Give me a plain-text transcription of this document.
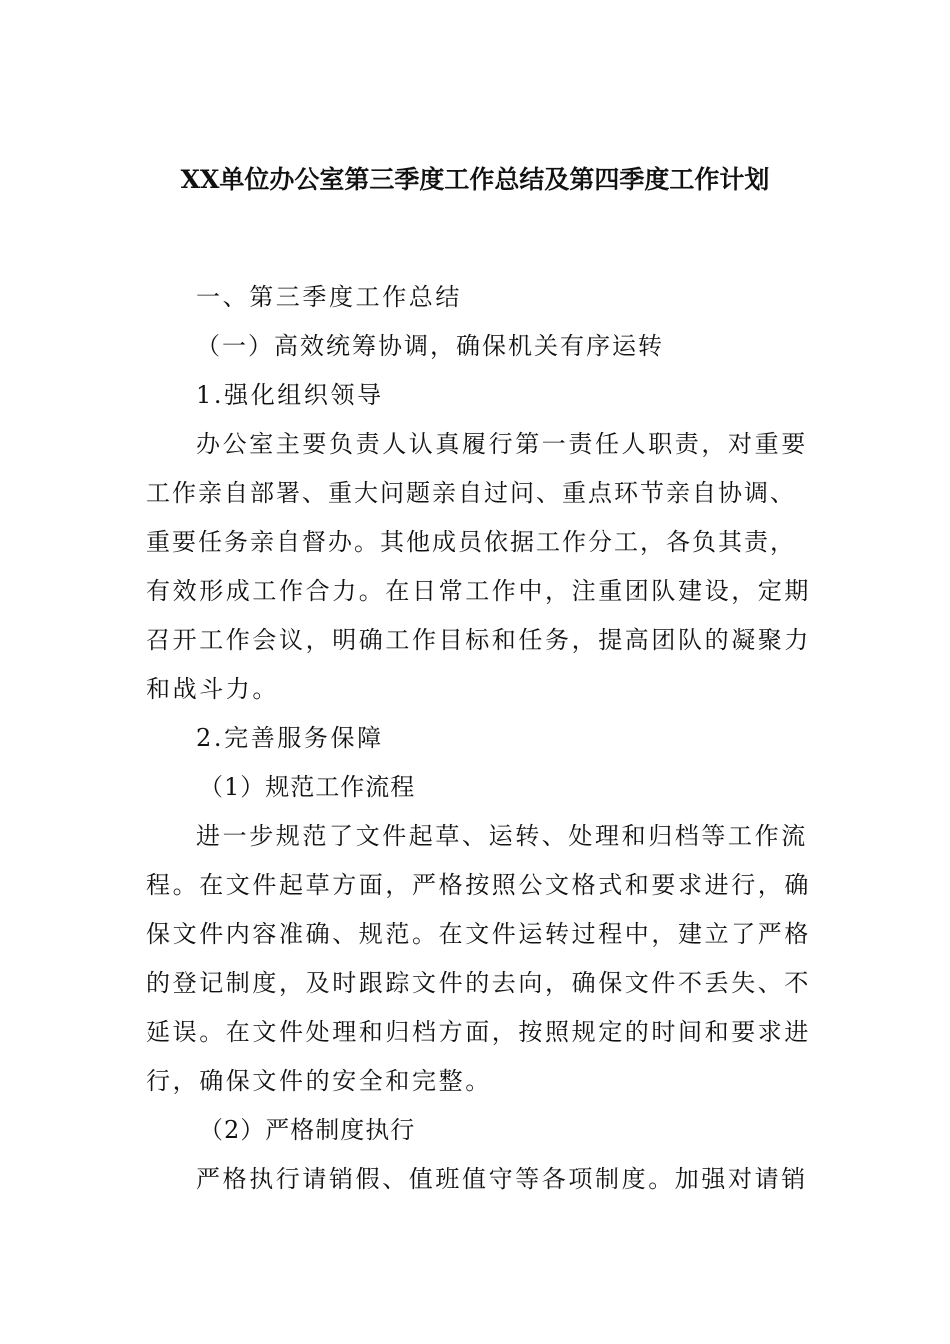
XX单位办公室第三季度工作总结及第四季度工作计划
一、第三季度工作总结
（一）高效统筹协调，确保机关有序运转
1.强化组织领导
办公室主要负责人认真履行第一责任人职责，对重要
工作亲自部署、重大问题亲自过问、重点环节亲自协调、
重要任务亲自督办。其他成员依据工作分工，各负其责，
有效形成工作合力。在日常工作中，注重团队建设，定期
召开工作会议，明确工作目标和任务，提高团队的凝聚力
和战斗力。
2.完善服务保障
（1）规范工作流程
进一步规范了文件起草、运转、处理和归档等工作流
程。在文件起草方面，严格按照公文格式和要求进行，确
保文件内容准确、规范。在文件运转过程中，建立了严格
的登记制度，及时跟踪文件的去向，确保文件不丢失、不
延误。在文件处理和归档方面，按照规定的时间和要求进
行，确保文件的安全和完整。
（2）严格制度执行
严格执行请销假、值班值守等各项制度。加强对请销
